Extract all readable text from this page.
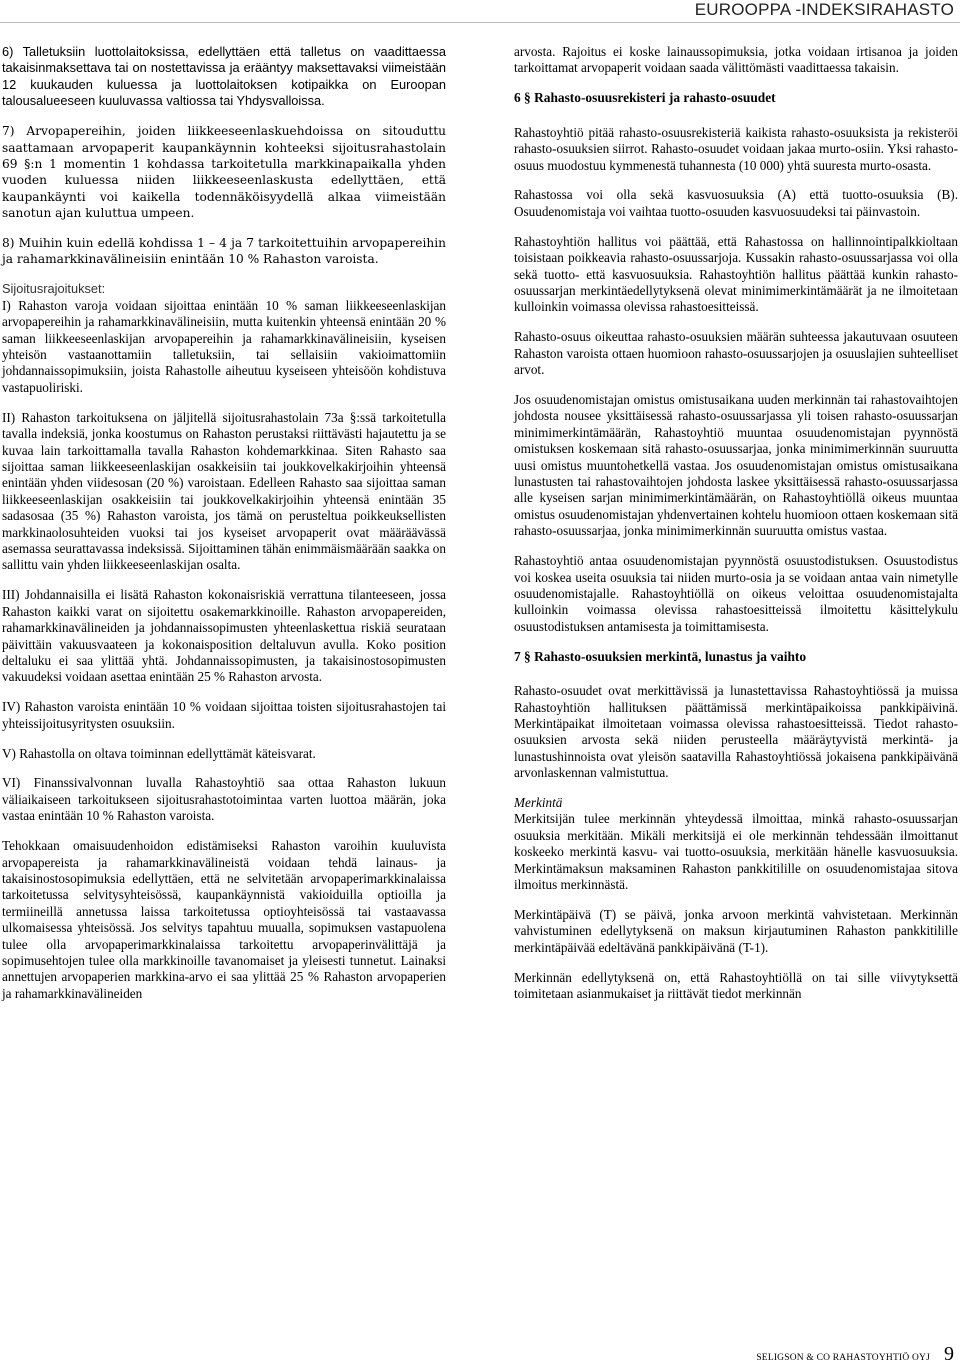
EUROOPPA -INDEKSIRAHASTO

6) Talletuksiin luottolaitoksissa, edellyttäen että talletus on vaadittaessa takaisinmaksettava tai on nostettavissa ja erääntyy maksettavaksi viimeistään 12 kuukauden kuluessa ja luottolaitoksen kotipaikka on Euroopan talousalueeseen kuuluvassa valtiossa tai Yhdysvalloissa.

7) Arvopapereihin, joiden liikkeeseenlaskuehdoissa on sitouduttu saattamaan arvopaperit kaupankäynnin kohteeksi sijoitusrahastolain 69 §:n 1 momentin 1 kohdassa tarkoitetulla markkinapaikalla yhden vuoden kuluessa niiden liikkeeseenlaskusta edellyttäen, että kaupankäynti voi kaikella todennäköisyydellä alkaa viimeistään sanotun ajan kuluttua umpeen.

8) Muihin kuin edellä kohdissa 1 – 4 ja 7 tarkoitettuihin arvopapereihin ja rahamarkkinavälineisiin enintään 10 % Rahaston varoista.

Sijoitusrajoitukset:

I) Rahaston varoja voidaan sijoittaa enintään 10 % saman liikkeeseenlaskijan arvopapereihin ja rahamarkkinavälineisiin, mutta kuitenkin yhteensä enintään 20 % saman liikkeeseenlaskijan arvopapereihin ja rahamarkkinavälineisiin, kyseisen yhteisön vastaanottamiin talletuksiin, tai sellaisiin vakioimattomiin johdannaissopimuksiin, joista Rahastolle aiheutuu kyseiseen yhteisöön kohdistuva vastapuoliriski.

II) Rahaston tarkoituksena on jäljitellä sijoitusrahastolain 73a §:ssä tarkoitetulla tavalla indeksiä, jonka koostumus on Rahaston perustaksi riittävästi hajautettu ja se kuvaa lain tarkoittamalla tavalla Rahaston kohdemarkkinaa. Siten Rahasto saa sijoittaa saman liikkeeseenlaskijan osakkeisiin tai joukkovelkakirjoihin yhteensä enintään yhden viidesosan (20 %) varoistaan. Edelleen Rahasto saa sijoittaa saman liikkeeseenlaskijan osakkeisiin tai joukkovelkakirjoihin yhteensä enintään 35 sadasosaa (35 %) Rahaston varoista, jos tämä on perusteltua poikkeuksellisten markkinaolosuhteiden vuoksi tai jos kyseiset arvopaperit ovat määräävässä asemassa seurattavassa indeksissä. Sijoittaminen tähän enimmäismäärään saakka on sallittu vain yhden liikkeeseenlaskijan osalta.

III) Johdannaisilla ei lisätä Rahaston kokonaisriskiä verrattuna tilanteeseen, jossa Rahaston kaikki varat on sijoitettu osakemarkkinoille. Rahaston arvopapereiden, rahamarkkinavälineiden ja johdannaissopimusten yhteenlaskettua riskiä seurataan päivittäin vakuusvaateen ja kokonaisposition deltaluvun avulla. Koko position deltaluku ei saa ylittää yhtä. Johdannaissopimusten, ja takaisinostosopimusten vakuudeksi voidaan asettaa enintään 25 % Rahaston arvosta.

IV) Rahaston varoista enintään 10 % voidaan sijoittaa toisten sijoitusrahastojen tai yhteissijoitusyritysten osuuksiin.

V) Rahastolla on oltava toiminnan edellyttämät käteisvarat.

VI) Finanssivalvonnan luvalla Rahastoyhtiö saa ottaa Rahaston lukuun väliaikaiseen tarkoitukseen sijoitusrahastotoimintaa varten luottoa määrän, joka vastaa enintään 10 % Rahaston varoista.

Tehokkaan omaisuudenhoidon edistämiseksi Rahaston varoihin kuuluvista arvopapereista ja rahamarkkinavälineistä voidaan tehdä lainaus- ja takaisinostosopimuksia edellyttäen, että ne selvitetään arvopaperimarkkinalaissa tarkoitetussa selvitysyhteisössä, kaupankäynnistä vakioiduilla optioilla ja termiineillä annetussa laissa tarkoitetussa optioyhteisössä tai vastaavassa ulkomaisessa yhteisössä. Jos selvitys tapahtuu muualla, sopimuksen vastapuolena tulee olla arvopaperimarkkinalaissa tarkoitettu arvopaperinvälittäjä ja sopimusehtojen tulee olla markkinoille tavanomaiset ja yleisesti tunnetut. Lainaksi annettujen arvopaperien markkina-arvo ei saa ylittää 25 % Rahaston arvopaperien ja rahamarkkinavälineiden

arvosta. Rajoitus ei koske lainaussopimuksia, jotka voidaan irtisanoa ja joiden tarkoittamat arvopaperit voidaan saada välittömästi vaadittaessa takaisin.

6 § Rahasto-osuusrekisteri ja rahasto-osuudet

Rahastoyhtiö pitää rahasto-osuusrekisteriä kaikista rahasto-osuuksista ja rekisteröi rahasto-osuuksien siirrot. Rahasto-osuudet voidaan jakaa murto-osiin. Yksi rahasto-osuus muodostuu kymmenestä tuhannesta (10 000) yhtä suuresta murto-osasta.

Rahastossa voi olla sekä kasvuosuuksia (A) että tuotto-osuuksia (B). Osuudenomistaja voi vaihtaa tuotto-osuuden kasvuosuudeksi tai päinvastoin.

Rahastoyhtiön hallitus voi päättää, että Rahastossa on hallinnointipalkkioltaan toisistaan poikkeavia rahasto-osuussarjoja. Kussakin rahasto-osuussarjassa voi olla sekä tuotto- että kasvuosuuksia. Rahastoyhtiön hallitus päättää kunkin rahasto-osuussarjan merkintäedellytyksenä olevat minimimerkintämäärät ja ne ilmoitetaan kulloinkin voimassa olevissa rahastoesitteissä.

Rahasto-osuus oikeuttaa rahasto-osuuksien määrän suhteessa jakautuvaan osuuteen Rahaston varoista ottaen huomioon rahasto-osuussarjojen ja osuuslajien suhteelliset arvot.

Jos osuudenomistajan omistus omistusaikana uuden merkinnän tai rahastovaihtojen johdosta nousee yksittäisessä rahasto-osuussarjassa yli toisen rahasto-osuussarjan minimimerkintämäärän, Rahastoyhtiö muuntaa osuudenomistajan pyynnöstä omistuksen koskemaan sitä rahasto-osuussarjaa, jonka minimimerkinnän suuruutta uusi omistus muuntohetkellä vastaa. Jos osuudenomistajan omistus omistusaikana lunastusten tai rahastovaihtojen johdosta laskee yksittäisessä rahasto-osuussarjassa alle kyseisen sarjan minimimerkintämäärän, on Rahastoyhtiöllä oikeus muuntaa omistus osuudenomistajan yhdenvertainen kohtelu huomioon ottaen koskemaan sitä rahasto-osuussarjaa, jonka minimimerkinnän suuruutta omistus vastaa.

Rahastoyhtiö antaa osuudenomistajan pyynnöstä osuustodistuksen. Osuustodistus voi koskea useita osuuksia tai niiden murto-osia ja se voidaan antaa vain nimetylle osuudenomistajalle. Rahastoyhtiöllä on oikeus veloittaa osuudenomistajalta kulloinkin voimassa olevissa rahastoesitteissä ilmoitettu käsittelykulu osuustodistuksen antamisesta ja toimittamisesta.

7 § Rahasto-osuuksien merkintä, lunastus ja vaihto

Rahasto-osuudet ovat merkittävissä ja lunastettavissa Rahastoyhtiössä ja muissa Rahastoyhtiön hallituksen päättämissä merkintäpaikoissa pankkipäivinä. Merkintäpaikat ilmoitetaan voimassa olevissa rahastoesitteissä. Tiedot rahasto-osuuksien arvosta sekä niiden perusteella määräytyvistä merkintä- ja lunastushinnoista ovat yleisön saatavilla Rahastoyhtiössä jokaisena pankkipäivänä arvonlaskennan valmistuttua.

Merkintä

Merkitsijän tulee merkinnän yhteydessä ilmoittaa, minkä rahasto-osuussarjan osuuksia merkitään. Mikäli merkitsijä ei ole merkinnän tehdessään ilmoittanut koskeeko merkintä kasvu- vai tuotto-osuuksia, merkitään hänelle kasvuosuuksia. Merkintämaksun maksaminen Rahaston pankkitilille on osuudenomistajaa sitova ilmoitus merkinnästä.

Merkintäpäivä (T) se päivä, jonka arvoon merkintä vahvistetaan. Merkinnän vahvistuminen edellytyksenä on maksun kirjautuminen Rahaston pankkitilille merkintäpäivää edeltävänä pankkipäivänä (T-1).

Merkinnän edellytyksenä on, että Rahastoyhtiöllä on tai sille viivytyksettä toimitetaan asianmukaiset ja riittävät tiedot merkinnän

SELIGSON & CO RAHASTOYHTIÖ OYJ 9
